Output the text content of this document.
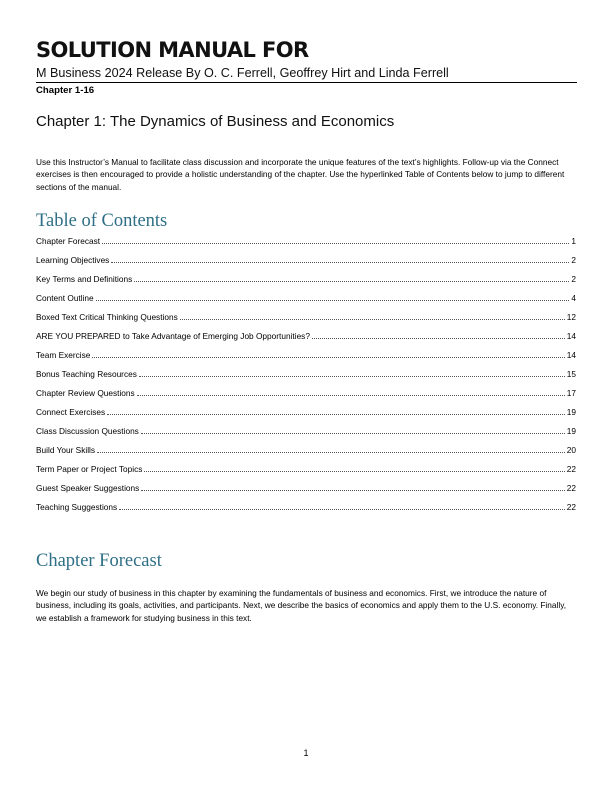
SOLUTION MANUAL FOR
M Business 2024 Release By O. C. Ferrell, Geoffrey Hirt and Linda Ferrell
Chapter 1-16
Chapter 1: The Dynamics of Business and Economics
Use this Instructor’s Manual to facilitate class discussion and incorporate the unique features of the text’s highlights. Follow-up via the Connect exercises is then encouraged to provide a holistic understanding of the chapter. Use the hyperlinked Table of Contents below to jump to different sections of the manual.
Table of Contents
Chapter Forecast	1
Learning Objectives	2
Key Terms and Definitions	2
Content Outline	4
Boxed Text Critical Thinking Questions	12
ARE YOU PREPARED to Take Advantage of Emerging Job Opportunities?	14
Team Exercise	14
Bonus Teaching Resources	15
Chapter Review Questions	17
Connect Exercises	19
Class Discussion Questions	19
Build Your Skills	20
Term Paper or Project Topics	22
Guest Speaker Suggestions	22
Teaching Suggestions	22
Chapter Forecast
We begin our study of business in this chapter by examining the fundamentals of business and economics. First, we introduce the nature of business, including its goals, activities, and participants. Next, we describe the basics of economics and apply them to the U.S. economy. Finally, we establish a framework for studying business in this text.
1
